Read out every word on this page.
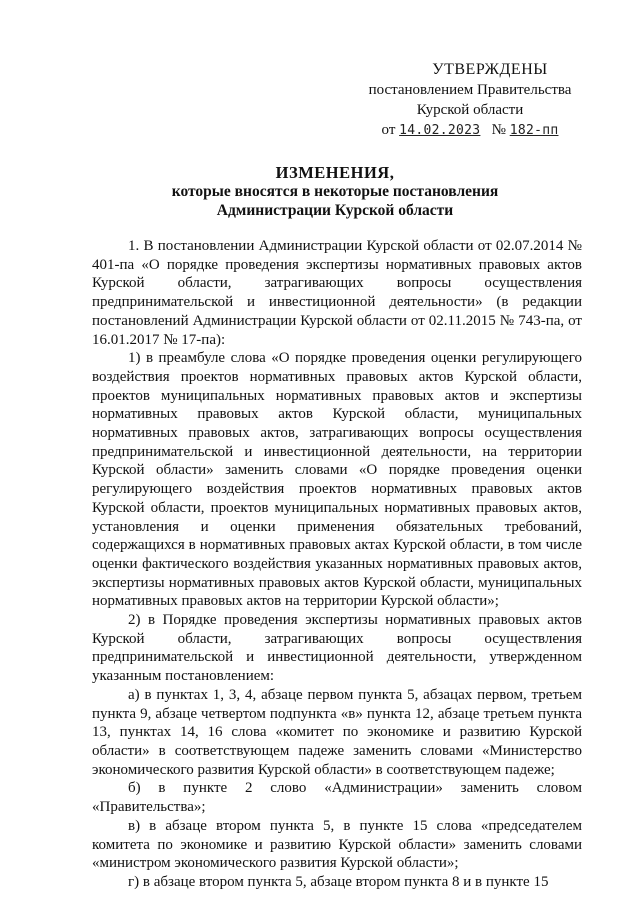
УТВЕРЖДЕНЫ
постановлением Правительства
Курской области
от 14.02.2023 № 182-пп
ИЗМЕНЕНИЯ,
которые вносятся в некоторые постановления
Администрации Курской области

1. В постановлении Администрации Курской области от 02.07.2014 № 401-па «О порядке проведения экспертизы нормативных правовых актов Курской области, затрагивающих вопросы осуществления предпринимательской и инвестиционной деятельности» (в редакции постановлений Администрации Курской области от 02.11.2015 № 743-па, от 16.01.2017 № 17-па):

1) в преамбуле слова «О порядке проведения оценки регулирующего воздействия проектов нормативных правовых актов Курской области, проектов муниципальных нормативных правовых актов и экспертизы нормативных правовых актов Курской области, муниципальных нормативных правовых актов, затрагивающих вопросы осуществления предпринимательской и инвестиционной деятельности, на территории Курской области» заменить словами «О порядке проведения оценки регулирующего воздействия проектов нормативных правовых актов Курской области, проектов муниципальных нормативных правовых актов, установления и оценки применения обязательных требований, содержащихся в нормативных правовых актах Курской области, в том числе оценки фактического воздействия указанных нормативных правовых актов, экспертизы нормативных правовых актов Курской области, муниципальных нормативных правовых актов на территории Курской области»;

2) в Порядке проведения экспертизы нормативных правовых актов Курской области, затрагивающих вопросы осуществления предпринимательской и инвестиционной деятельности, утвержденном указанным постановлением:

а) в пунктах 1, 3, 4, абзаце первом пункта 5, абзацах первом, третьем пункта 9, абзаце четвертом подпункта «в» пункта 12, абзаце третьем пункта 13, пунктах 14, 16 слова «комитет по экономике и развитию Курской области» в соответствующем падеже заменить словами «Министерство экономического развития Курской области» в соответствующем падеже;

б) в пункте 2 слово «Администрации» заменить словом «Правительства»;

в) в абзаце втором пункта 5, в пункте 15 слова «председателем комитета по экономике и развитию Курской области» заменить словами «министром экономического развития Курской области»;

г) в абзаце втором пункта 5, абзаце втором пункта 8 и в пункте 15
